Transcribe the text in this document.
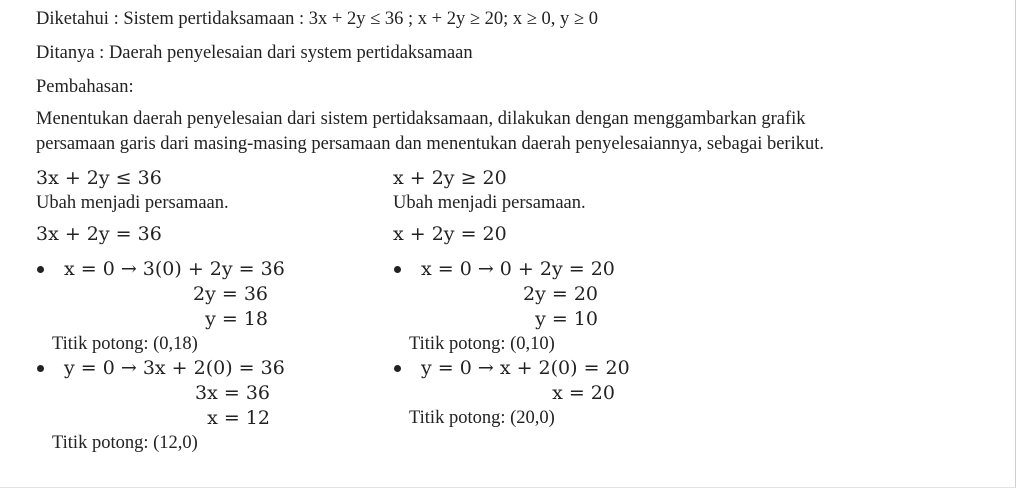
Diketahui : Sistem pertidaksamaan : 3x + 2y ≤ 36 ; x + 2y ≥ 20; x ≥ 0, y ≥ 0
Ditanya : Daerah penyelesaian dari system pertidaksamaan
Pembahasan:
Menentukan daerah penyelesaian dari sistem pertidaksamaan, dilakukan dengan menggambarkan grafik
persamaan garis dari masing-masing persamaan dan menentukan daerah penyelesaiannya, sebagai berikut.
3x + 2y ≤ 36
Ubah menjadi persamaan.
3x + 2y = 36
x = 0 → 3(0) + 2y = 36
2y = 36
y = 18
Titik potong: (0,18)
y = 0 → 3x + 2(0) = 36
3x = 36
x = 12
Titik potong: (12,0)
x + 2y ≥ 20
Ubah menjadi persamaan.
x + 2y = 20
x = 0 → 0 + 2y = 20
2y = 20
y = 10
Titik potong: (0,10)
y = 0 → x + 2(0) = 20
x = 20
Titik potong: (20,0)
